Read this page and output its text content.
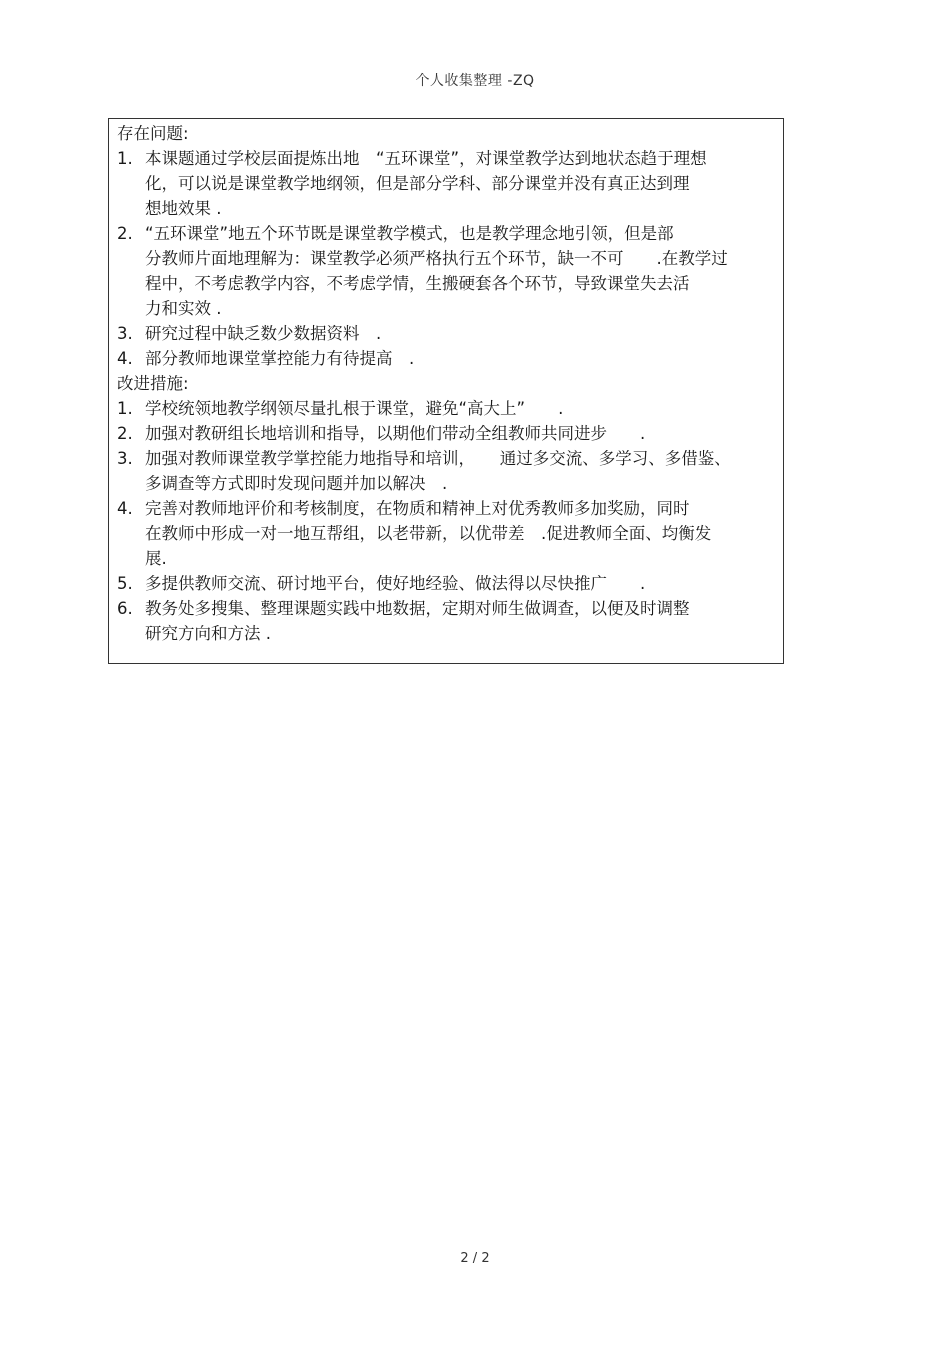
个人收集整理 -ZQ
存在问题:
1. 本课题通过学校层面提炼出地　“五环课堂”，对课堂教学达到地状态趋于理想
化，可以说是课堂教学地纲领，但是部分学科、部分课堂并没有真正达到理
想地效果 .
2. “五环课堂”地五个环节既是课堂教学模式，也是教学理念地引领，但是部
分教师片面地理解为：课堂教学必须严格执行五个环节，缺一不可　　.在教学过
程中，不考虑教学内容，不考虑学情，生搬硬套各个环节，导致课堂失去活
力和实效 .
3. 研究过程中缺乏数少数据资料　.
4. 部分教师地课堂掌控能力有待提高　.
改进措施:
1. 学校统领地教学纲领尽量扎根于课堂，避免“高大上”　　.
2. 加强对教研组长地培训和指导，以期他们带动全组教师共同进步　　.
3. 加强对教师课堂教学掌控能力地指导和培训，　　通过多交流、多学习、多借鉴、
多调查等方式即时发现问题并加以解决　.
4. 完善对教师地评价和考核制度，在物质和精神上对优秀教师多加奖励，同时
在教师中形成一对一地互帮组，以老带新，以优带差　.促进教师全面、均衡发
展.
5. 多提供教师交流、研讨地平台，使好地经验、做法得以尽快推广　　.
6. 教务处多搜集、整理课题实践中地数据，定期对师生做调查，以便及时调整
研究方向和方法 .
2 / 2
